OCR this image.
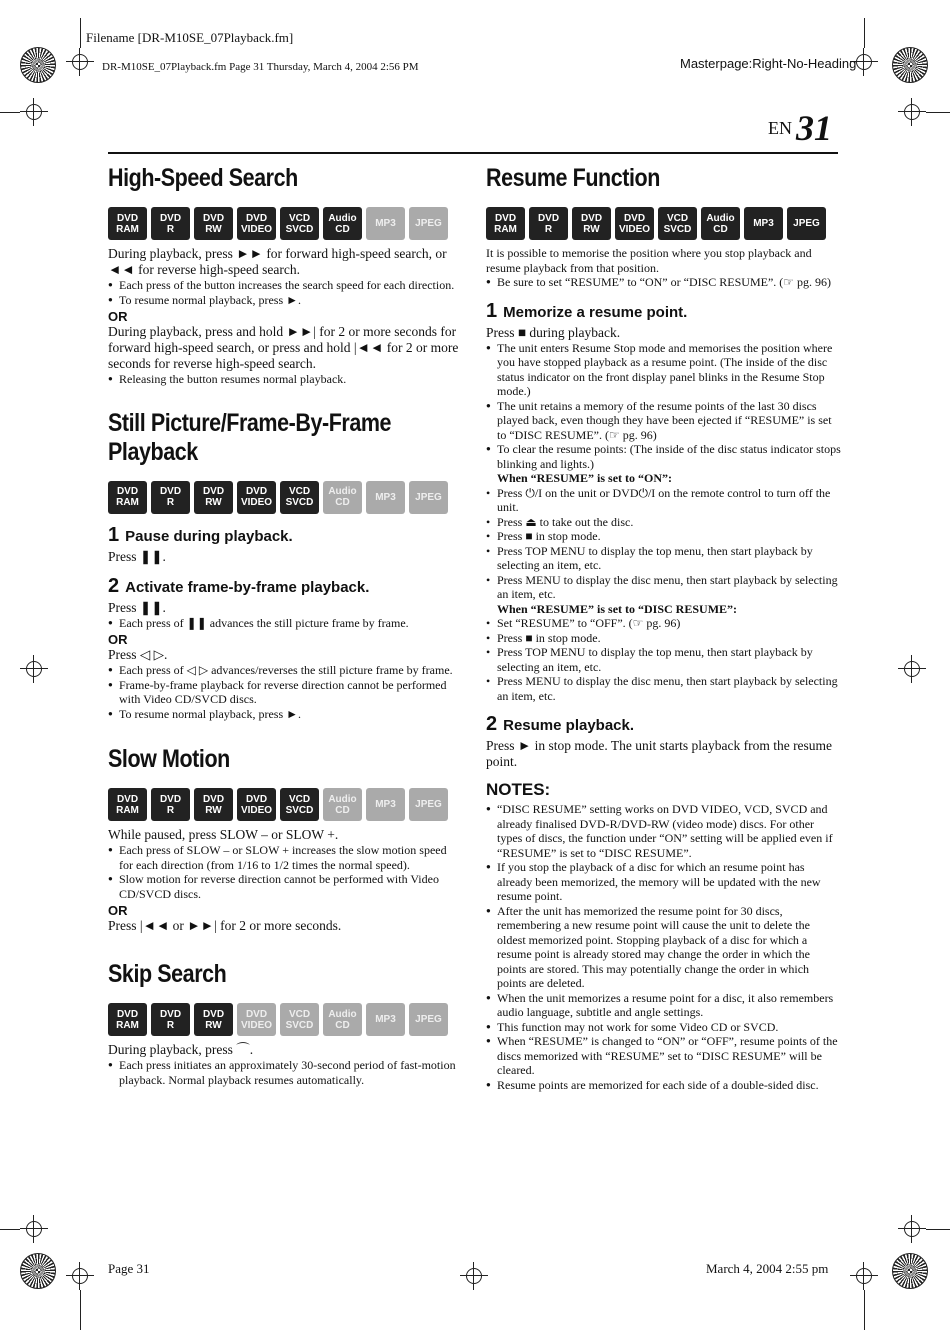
Filename [DR-M10SE_07Playback.fm]
DR-M10SE_07Playback.fm Page 31 Thursday, March 4, 2004 2:56 PM	Masterpage:Right-No-Heading
EN 31
High-Speed Search
DVD
RAM
DVD
R
DVD
RW
DVD
VIDEO
VCD
SVCD
Audio
CD	MP3 JPEG

During playback, press ►► for forward high-speed search, or ◄◄ for reverse high-speed search.

● Each press of the button increases the search speed for each direction.
● To resume normal playback, press ►.
OR

During playback, press and hold ►►| for 2 or more seconds for forward high-speed search, or press and hold |◄◄ for 2 or more seconds for reverse high-speed search.

● Releasing the button resumes normal playback.
Still Picture/Frame-By-Frame
Playback
DVD
RAM
DVD
R
DVD
RW
DVD
VIDEO
VCD
SVCD
Audio
CD	MP3 JPEG
1 Pause during playback.

Press ❚❚.

2 Activate frame-by-frame playback.

Press ❚❚.

● Each press of ❚❚ advances the still picture frame by frame.
OR

Press ◁ ▷.

● Each press of ◁ ▷ advances/reverses the still picture frame by frame.
● Frame-by-frame playback for reverse direction cannot be performed with Video CD/SVCD discs.
● To resume normal playback, press ►.
Slow Motion
DVD
RAM
DVD
R
DVD
RW
DVD
VIDEO
VCD
SVCD
Audio
CD	MP3 JPEG

While paused, press SLOW – or SLOW +.

● Each press of SLOW – or SLOW + increases the slow motion speed for each direction (from 1/16 to 1/2 times the normal speed).
● Slow motion for reverse direction cannot be performed with Video CD/SVCD discs.
OR

Press |◄◄ or ►►| for 2 or more seconds.

Skip Search
DVD
RAM
DVD
R
DVD
RW
DVD
VIDEO
VCD
SVCD
Audio
CD	MP3 JPEG

During playback, press ⌒.

● Each press initiates an approximately 30-second period of fast-motion playback. Normal playback resumes automatically.
Resume Function
DVD
RAM
DVD
R
DVD
RW
DVD
VIDEO
VCD
SVCD
Audio
CD	MP3 JPEG

It is possible to memorise the position where you stop playback and resume playback from that position.

● Be sure to set “RESUME” to “ON” or “DISC RESUME”. (☞ pg. 96)
1 Memorize a resume point.

Press ■ during playback.

● The unit enters Resume Stop mode and memorises the position where you have stopped playback as a resume point. (The inside of the disc status indicator on the front display panel blinks in the Resume Stop mode.)
● The unit retains a memory of the resume points of the last 30 discs played back, even though they have been ejected if “RESUME” is set to “DISC RESUME”. (☞ pg. 96)
● To clear the resume points: (The inside of the disc status indicator stops blinking and lights.)
When “RESUME” is set to “ON”:
• Press ⏻/I on the unit or DVD⏻/I on the remote control to turn off the unit.
• Press ⏏ to take out the disc.
• Press ■ in stop mode.
• Press TOP MENU to display the top menu, then start playback by selecting an item, etc.
• Press MENU to display the disc menu, then start playback by selecting an item, etc.
When “RESUME” is set to “DISC RESUME”:
• Set “RESUME” to “OFF”. (☞ pg. 96)
• Press ■ in stop mode.
• Press TOP MENU to display the top menu, then start playback by selecting an item, etc.
• Press MENU to display the disc menu, then start playback by selecting an item, etc.
2 Resume playback.

Press ► in stop mode. The unit starts playback from the resume point.

NOTES:
● “DISC RESUME” setting works on DVD VIDEO, VCD, SVCD and already finalised DVD-R/DVD-RW (video mode) discs. For other types of discs, the function under “ON” setting will be applied even if “RESUME” is set to “DISC RESUME”.
● If you stop the playback of a disc for which an resume point has already been memorized, the memory will be updated with the new resume point.
● After the unit has memorized the resume point for 30 discs, remembering a new resume point will cause the unit to delete the oldest memorized point. Stopping playback of a disc for which a resume point is already stored may change the order in which the points are stored. This may potentially change the order in which points are deleted.
● When the unit memorizes a resume point for a disc, it also remembers audio language, subtitle and angle settings.
● This function may not work for some Video CD or SVCD.
● When “RESUME” is changed to “ON” or “OFF”, resume points of the discs memorized with “RESUME” set to “DISC RESUME” will be cleared.
● Resume points are memorized for each side of a double-sided disc.
Page 31	March 4, 2004 2:55 pm
